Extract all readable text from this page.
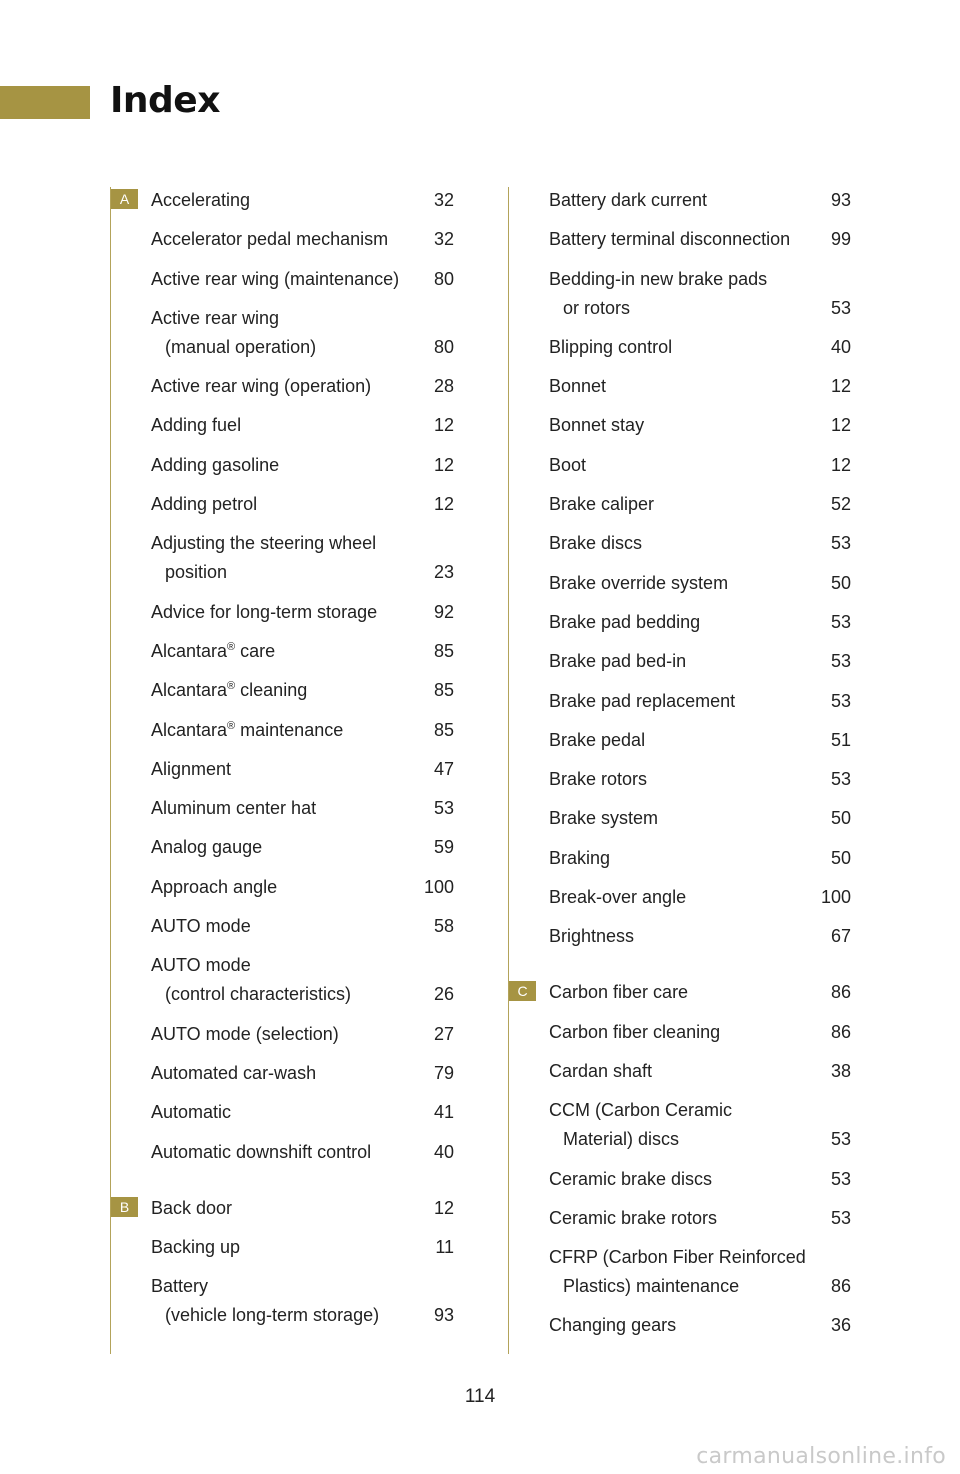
Index
A	Accelerating	32
Accelerator pedal mechanism	32
Active rear wing (maintenance)	80
Active rear wing
(manual operation)	80
Active rear wing (operation)	28
Adding fuel	12
Adding gasoline	12
Adding petrol	12
Adjusting the steering wheel
position	23
Advice for long-term storage	92
Alcantara® care	85
Alcantara® cleaning	85
Alcantara® maintenance	85
Alignment	47
Aluminum center hat	53
Analog gauge	59
Approach angle	100
AUTO mode	58
AUTO mode
(control characteristics)	26
AUTO mode (selection)	27
Automated car-wash	79
Automatic	41
Automatic downshift control	40
B	Back door	12
Backing up	11
Battery
(vehicle long-term storage)	93
Battery dark current	93
Battery terminal disconnection	99
Bedding-in new brake pads
or rotors	53
Blipping control	40
Bonnet	12
Bonnet stay	12
Boot	12
Brake caliper	52
Brake discs	53
Brake override system	50
Brake pad bedding	53
Brake pad bed-in	53
Brake pad replacement	53
Brake pedal	51
Brake rotors	53
Brake system	50
Braking	50
Break-over angle	100
Brightness	67
C	Carbon fiber care	86
Carbon fiber cleaning	86
Cardan shaft	38
CCM (Carbon Ceramic
Material) discs	53
Ceramic brake discs	53
Ceramic brake rotors	53
CFRP (Carbon Fiber Reinforced
Plastics) maintenance	86
Changing gears	36
114
carmanualsonline.info
